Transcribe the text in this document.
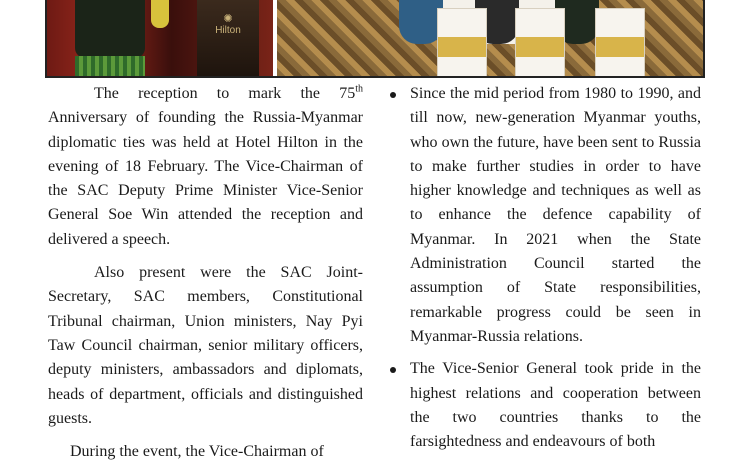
✺
Hilton

The reception to mark the 75th Anniversary of founding the Russia-Myanmar diplomatic ties was held at Hotel Hilton in the evening of 18 February. The Vice-Chairman of the SAC Deputy Prime Minister Vice-Senior General Soe Win attended the reception and delivered a speech.

Also present were the SAC Joint-Secretary, SAC members, Constitutional Tribunal chairman, Union ministers, Nay Pyi Taw Council chairman, senior military officers, deputy ministers, ambassadors and diplomats, heads of department, officials and distinguished guests.

During the event, the Vice-Chairman of

Since the mid period from 1980 to 1990, and till now, new-generation Myanmar youths, who own the future, have been sent to Russia to make further studies in order to have higher knowledge and techniques as well as to enhance the defence capability of Myanmar. In 2021 when the State Administration Council started the assumption of State responsibilities, remarkable progress could be seen in Myanmar-Russia relations.
The Vice-Senior General took pride in the highest relations and cooperation between the two countries thanks to the farsightedness and endeavours of both
